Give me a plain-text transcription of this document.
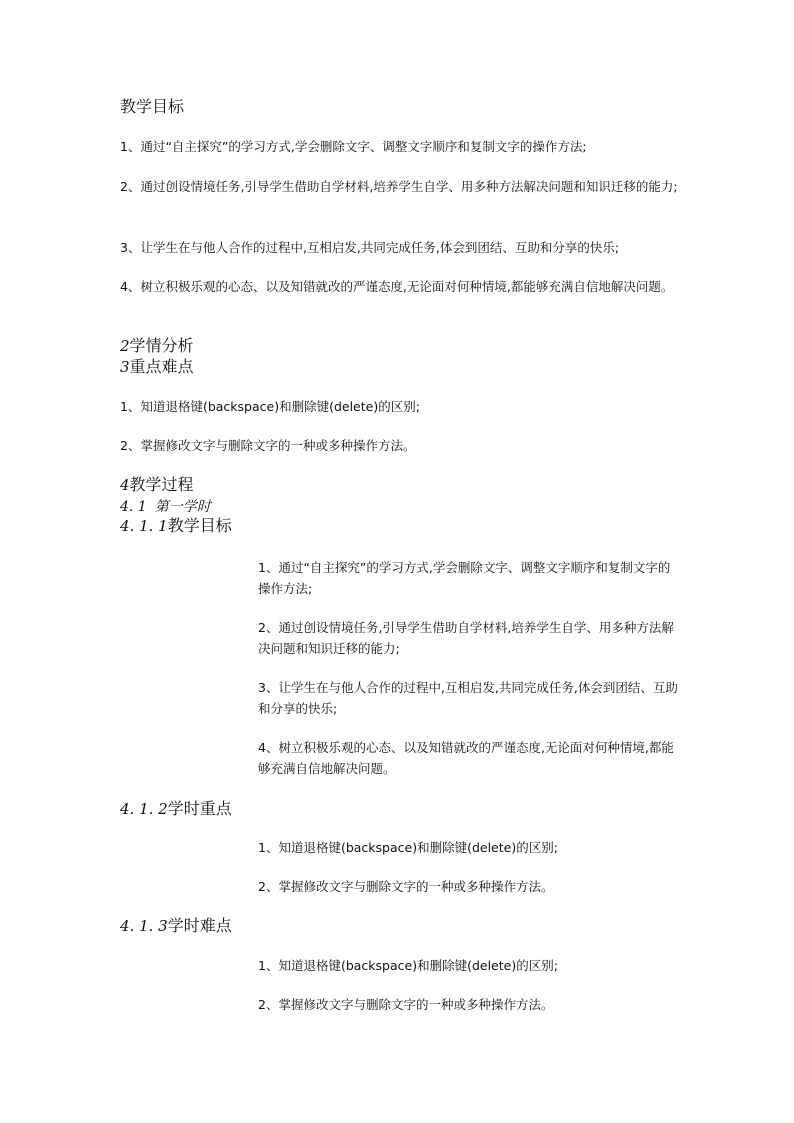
教学目标

1、通过“自主探究”的学习方式,学会删除文字、调整文字顺序和复制文字的操作方法;

2、通过创设情境任务,引导学生借助自学材料,培养学生自学、用多种方法解决问题和知识迁移的能力;

3、让学生在与他人合作的过程中,互相启发,共同完成任务,体会到团结、互助和分享的快乐;

4、树立积极乐观的心态、以及知错就改的严谨态度,无论面对何种情境,都能够充满自信地解决问题。

2学情分析
3重点难点

1、知道退格键(backspace)和删除键(delete)的区别;

2、掌握修改文字与删除文字的一种或多种操作方法。

4教学过程
4. 1 第一学时
4. 1. 1教学目标

1、通过“自主探究”的学习方式,学会删除文字、调整文字顺序和复制文字的操作方法;

2、通过创设情境任务,引导学生借助自学材料,培养学生自学、用多种方法解决问题和知识迁移的能力;

3、让学生在与他人合作的过程中,互相启发,共同完成任务,体会到团结、互助和分享的快乐;

4、树立积极乐观的心态、以及知错就改的严谨态度,无论面对何种情境,都能够充满自信地解决问题。

4. 1. 2学时重点

1、知道退格键(backspace)和删除键(delete)的区别;

2、掌握修改文字与删除文字的一种或多种操作方法。

4. 1. 3学时难点

1、知道退格键(backspace)和删除键(delete)的区别;

2、掌握修改文字与删除文字的一种或多种操作方法。
